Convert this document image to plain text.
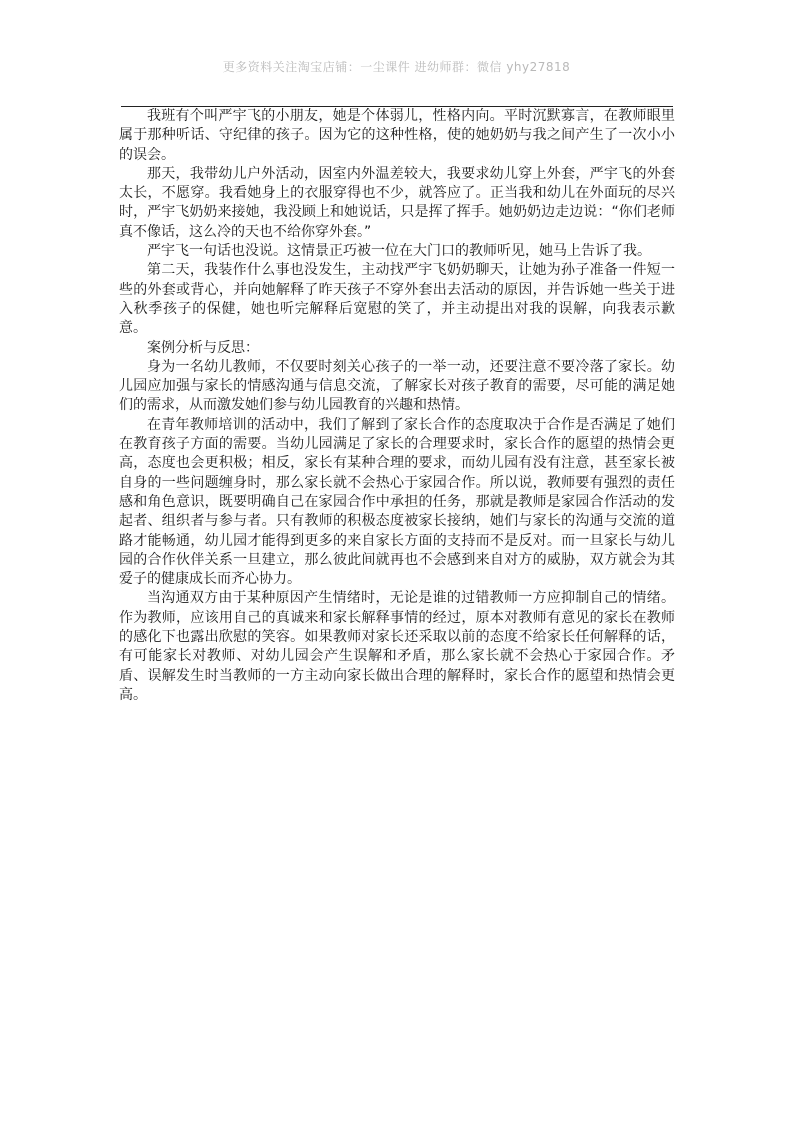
更多资料关注淘宝店铺：一尘课件 进幼师群：微信 yhy27818

我班有个叫严宇飞的小朋友，她是个体弱儿，性格内向。平时沉默寡言，在教师眼里属于那种听话、守纪律的孩子。因为它的这种性格，使的她奶奶与我之间产生了一次小小的误会。

那天，我带幼儿户外活动，因室内外温差较大，我要求幼儿穿上外套，严宇飞的外套太长，不愿穿。我看她身上的衣服穿得也不少，就答应了。正当我和幼儿在外面玩的尽兴时，严宇飞奶奶来接她，我没顾上和她说话，只是挥了挥手。她奶奶边走边说：“你们老师真不像话，这么冷的天也不给你穿外套。”

严宇飞一句话也没说。这情景正巧被一位在大门口的教师听见，她马上告诉了我。

第二天，我装作什么事也没发生，主动找严宇飞奶奶聊天，让她为孙子准备一件短一些的外套或背心，并向她解释了昨天孩子不穿外套出去活动的原因，并告诉她一些关于进入秋季孩子的保健，她也听完解释后宽慰的笑了，并主动提出对我的误解，向我表示歉意。

案例分析与反思：

身为一名幼儿教师，不仅要时刻关心孩子的一举一动，还要注意不要冷落了家长。幼儿园应加强与家长的情感沟通与信息交流，了解家长对孩子教育的需要，尽可能的满足她们的需求，从而激发她们参与幼儿园教育的兴趣和热情。

在青年教师培训的活动中，我们了解到了家长合作的态度取决于合作是否满足了她们在教育孩子方面的需要。当幼儿园满足了家长的合理要求时，家长合作的愿望的热情会更高，态度也会更积极；相反，家长有某种合理的要求，而幼儿园有没有注意，甚至家长被自身的一些问题缠身时，那么家长就不会热心于家园合作。所以说，教师要有强烈的责任感和角色意识，既要明确自己在家园合作中承担的任务，那就是教师是家园合作活动的发起者、组织者与参与者。只有教师的积极态度被家长接纳，她们与家长的沟通与交流的道路才能畅通，幼儿园才能得到更多的来自家长方面的支持而不是反对。而一旦家长与幼儿园的合作伙伴关系一旦建立，那么彼此间就再也不会感到来自对方的威胁，双方就会为其爱子的健康成长而齐心协力。

当沟通双方由于某种原因产生情绪时，无论是谁的过错教师一方应抑制自己的情绪。作为教师，应该用自己的真诚来和家长解释事情的经过，原本对教师有意见的家长在教师的感化下也露出欣慰的笑容。如果教师对家长还采取以前的态度不给家长任何解释的话，有可能家长对教师、对幼儿园会产生误解和矛盾，那么家长就不会热心于家园合作。矛盾、误解发生时当教师的一方主动向家长做出合理的解释时，家长合作的愿望和热情会更高。
